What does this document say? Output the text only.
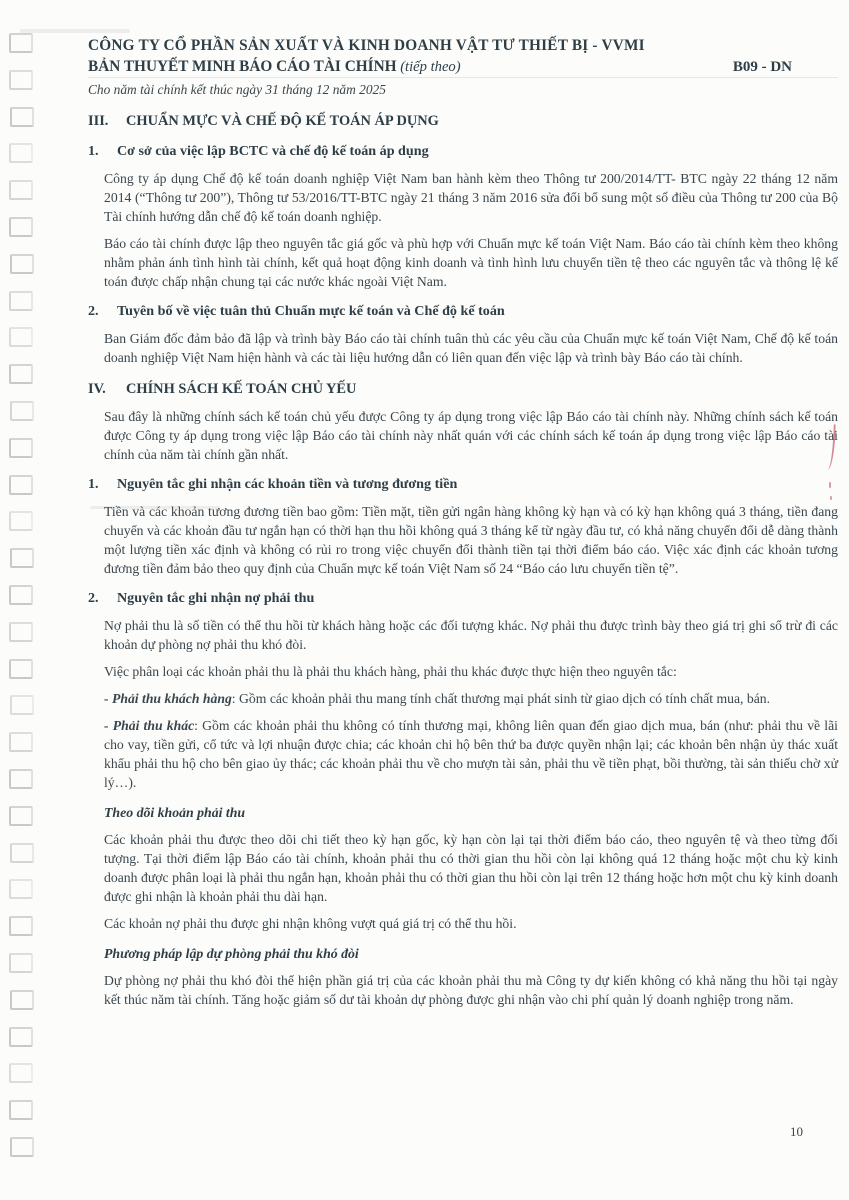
CÔNG TY CỔ PHẦN SẢN XUẤT VÀ KINH DOANH VẬT TƯ THIẾT BỊ - VVMI
BẢN THUYẾT MINH BÁO CÁO TÀI CHÍNH (tiếp theo)	B09 - DN
Cho năm tài chính kết thúc ngày 31 tháng 12 năm 2025
III.	CHUẨN MỰC VÀ CHẾ ĐỘ KẾ TOÁN ÁP DỤNG
1.	Cơ sở của việc lập BCTC và chế độ kế toán áp dụng

Công ty áp dụng Chế độ kế toán doanh nghiệp Việt Nam ban hành kèm theo Thông tư 200/2014/TT- BTC ngày 22 tháng 12 năm 2014 (“Thông tư 200”), Thông tư 53/2016/TT-BTC ngày 21 tháng 3 năm 2016 sửa đổi bổ sung một số điều của Thông tư 200 của Bộ Tài chính hướng dẫn chế độ kế toán doanh nghiệp.

Báo cáo tài chính được lập theo nguyên tắc giá gốc và phù hợp với Chuẩn mực kế toán Việt Nam. Báo cáo tài chính kèm theo không nhằm phản ánh tình hình tài chính, kết quả hoạt động kinh doanh và tình hình lưu chuyển tiền tệ theo các nguyên tắc và thông lệ kế toán được chấp nhận chung tại các nước khác ngoài Việt Nam.

2.	Tuyên bố về việc tuân thủ Chuẩn mực kế toán và Chế độ kế toán

Ban Giám đốc đảm bảo đã lập và trình bày Báo cáo tài chính tuân thủ các yêu cầu của Chuẩn mực kế toán Việt Nam, Chế độ kế toán doanh nghiệp Việt Nam hiện hành và các tài liệu hướng dẫn có liên quan đến việc lập và trình bày Báo cáo tài chính.

IV.	CHÍNH SÁCH KẾ TOÁN CHỦ YẾU

Sau đây là những chính sách kế toán chủ yếu được Công ty áp dụng trong việc lập Báo cáo tài chính này. Những chính sách kế toán được Công ty áp dụng trong việc lập Báo cáo tài chính này nhất quán với các chính sách kế toán áp dụng trong việc lập Báo cáo tài chính của năm tài chính gần nhất.

1.	Nguyên tắc ghi nhận các khoản tiền và tương đương tiền

Tiền và các khoản tương đương tiền bao gồm: Tiền mặt, tiền gửi ngân hàng không kỳ hạn và có kỳ hạn không quá 3 tháng, tiền đang chuyển và các khoản đầu tư ngắn hạn có thời hạn thu hồi không quá 3 tháng kể từ ngày đầu tư, có khả năng chuyển đổi dễ dàng thành một lượng tiền xác định và không có rủi ro trong việc chuyển đổi thành tiền tại thời điểm báo cáo. Việc xác định các khoản tương đương tiền đảm bảo theo quy định của Chuẩn mực kế toán Việt Nam số 24 “Báo cáo lưu chuyển tiền tệ”.

2.	Nguyên tắc ghi nhận nợ phải thu

Nợ phải thu là số tiền có thể thu hồi từ khách hàng hoặc các đối tượng khác. Nợ phải thu được trình bày theo giá trị ghi sổ trừ đi các khoản dự phòng nợ phải thu khó đòi.

Việc phân loại các khoản phải thu là phải thu khách hàng, phải thu khác được thực hiện theo nguyên tắc:

- Phải thu khách hàng: Gồm các khoản phải thu mang tính chất thương mại phát sinh từ giao dịch có tính chất mua, bán.

- Phải thu khác: Gồm các khoản phải thu không có tính thương mại, không liên quan đến giao dịch mua, bán (như: phải thu về lãi cho vay, tiền gửi, cổ tức và lợi nhuận được chia; các khoản chi hộ bên thứ ba được quyền nhận lại; các khoản bên nhận ủy thác xuất khẩu phải thu hộ cho bên giao ủy thác; các khoản phải thu về cho mượn tài sản, phải thu về tiền phạt, bồi thường, tài sản thiếu chờ xử lý…).

Theo dõi khoản phải thu

Các khoản phải thu được theo dõi chi tiết theo kỳ hạn gốc, kỳ hạn còn lại tại thời điểm báo cáo, theo nguyên tệ và theo từng đối tượng. Tại thời điểm lập Báo cáo tài chính, khoản phải thu có thời gian thu hồi còn lại không quá 12 tháng hoặc một chu kỳ kinh doanh được phân loại là phải thu ngắn hạn, khoản phải thu có thời gian thu hồi còn lại trên 12 tháng hoặc hơn một chu kỳ kinh doanh được ghi nhận là khoản phải thu dài hạn.

Các khoản nợ phải thu được ghi nhận không vượt quá giá trị có thể thu hồi.

Phương pháp lập dự phòng phải thu khó đòi

Dự phòng nợ phải thu khó đòi thể hiện phần giá trị của các khoản phải thu mà Công ty dự kiến không có khả năng thu hồi tại ngày kết thúc năm tài chính. Tăng hoặc giảm số dư tài khoản dự phòng được ghi nhận vào chi phí quản lý doanh nghiệp trong năm.

10
